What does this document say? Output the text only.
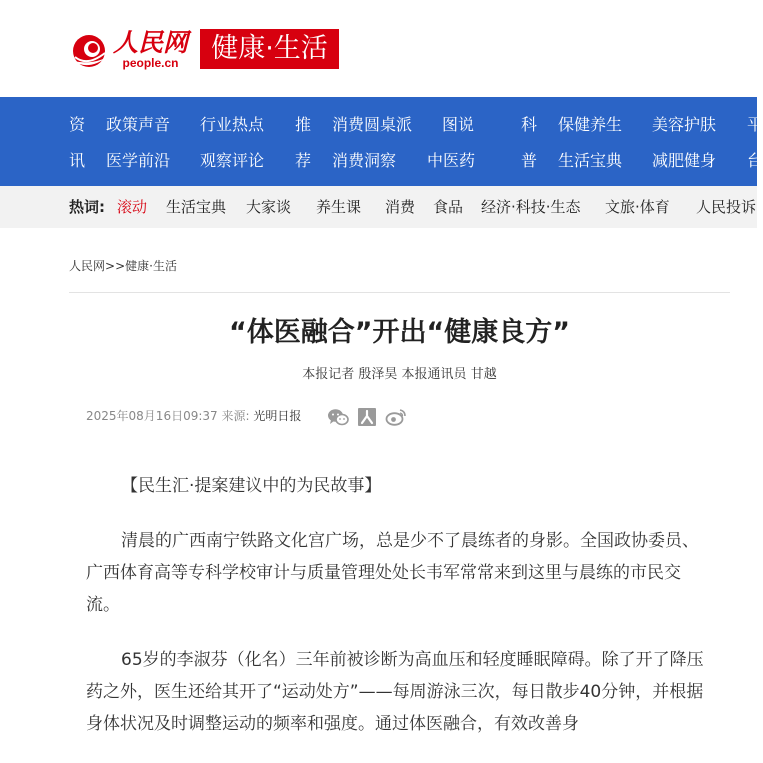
人民网
people.cn	健康·生活
资
讯
政策声音 行业热点
医学前沿 观察评论
推
荐
消费圆桌派 图说
消费洞察 中医药
科
普
保健养生 美容护肤
生活宝典 减肥健身
平
台
热词: 滚动 生活宝典 大家谈 养生课 消费 食品 经济·科技·生态 文旅·体育 人民投诉
人民网>>健康·生活
“体医融合”开出“健康良方”
本报记者 殷泽昊 本报通讯员 甘越
2025年08月16日09:37 来源: 光明日报

【民生汇·提案建议中的为民故事】

清晨的广西南宁铁路文化宫广场，总是少不了晨练者的身影。全国政协委员、广西体育高等专科学校审计与质量管理处处长韦军常常来到这里与晨练的市民交流。

65岁的李淑芬（化名）三年前被诊断为高血压和轻度睡眠障碍。除了开了降压药之外，医生还给其开了“运动处方”——每周游泳三次，每日散步40分钟，并根据身体状况及时调整运动的频率和强度。通过体医融合，有效改善身
